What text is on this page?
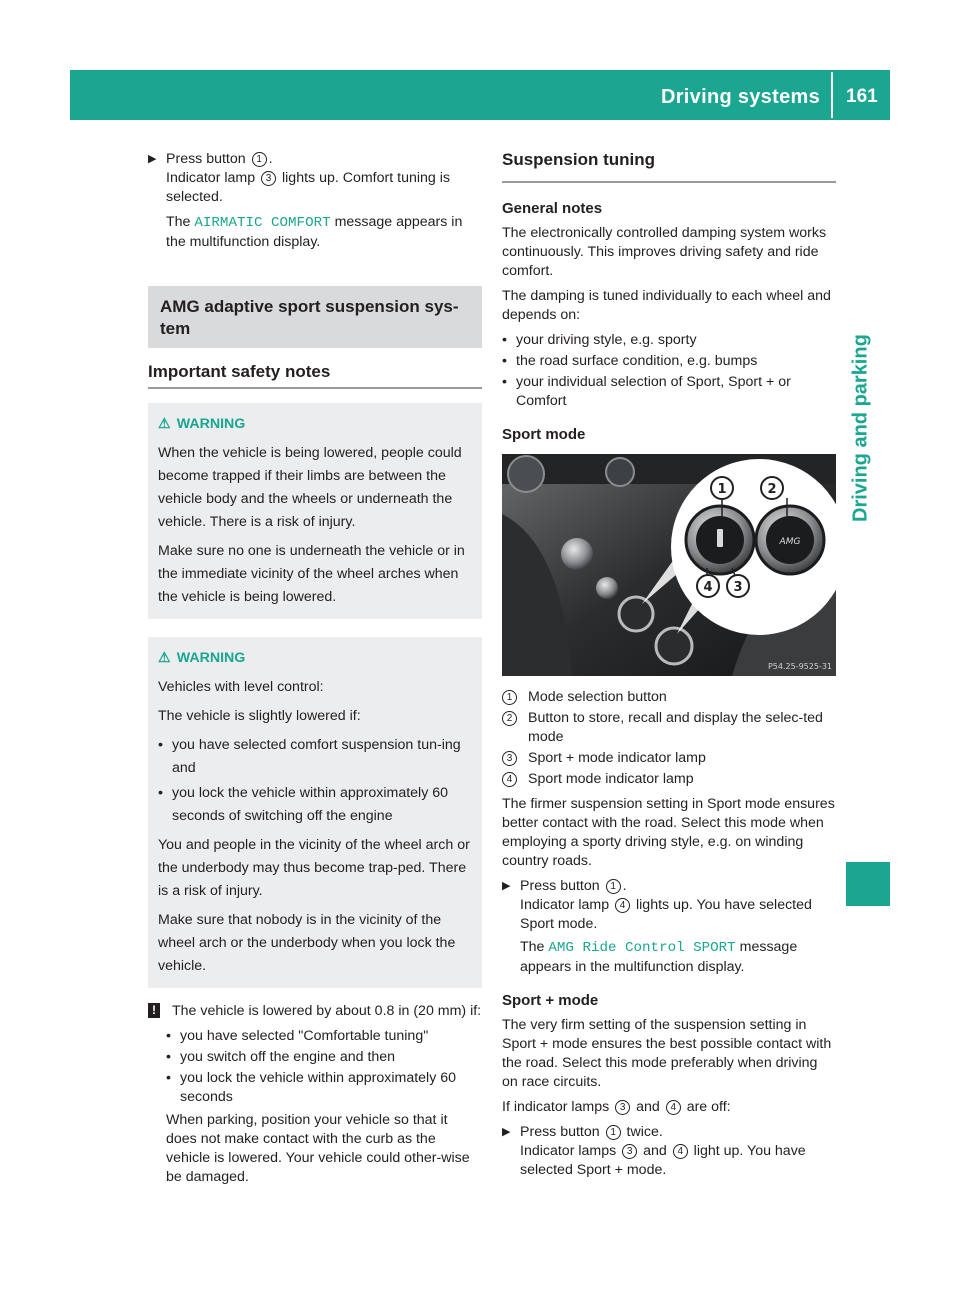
Driving systems 161
Driving and parking
▶ Press button 1 .
Indicator lamp 3 lights up. Comfort tuning is selected.
The AIRMATIC COMFORT message appears in the multifunction display.
AMG adaptive sport suspension sys-tem
Important safety notes
⚠ WARNING

When the vehicle is being lowered, people could become trapped if their limbs are between the vehicle body and the wheels or underneath the vehicle. There is a risk of injury.

Make sure no one is underneath the vehicle or in the immediate vicinity of the wheel arches when the vehicle is being lowered.

⚠ WARNING

Vehicles with level control:

The vehicle is slightly lowered if:

• you have selected comfort suspension tun-ing and
• you lock the vehicle within approximately 60 seconds of switching off the engine

You and people in the vicinity of the wheel arch or the underbody may thus become trap-ped. There is a risk of injury.

Make sure that nobody is in the vicinity of the wheel arch or the underbody when you lock the vehicle.

! The vehicle is lowered by about 0.8 in (20 mm) if:

• you have selected "Comfortable tuning"
• you switch off the engine and then
• you lock the vehicle within approximately 60 seconds

When parking, position your vehicle so that it does not make contact with the curb as the vehicle is lowered. Your vehicle could other-wise be damaged.

Suspension tuning
General notes

The electronically controlled damping system works continuously. This improves driving safety and ride comfort.

The damping is tuned individually to each wheel and depends on:

• your driving style, e.g. sporty
• the road surface condition, e.g. bumps
• your individual selection of Sport, Sport + or Comfort
Sport mode
AMG
1	2
3
4
P54.25-9525-31
1	Mode selection button
2	Button to store, recall and display the selec-ted mode
3	Sport + mode indicator lamp
4	Sport mode indicator lamp

The firmer suspension setting in Sport mode ensures better contact with the road. Select this mode when employing a sporty driving style, e.g. on winding country roads.

▶ Press button 1 .
Indicator lamp 4 lights up. You have selected Sport mode.
The AMG Ride Control SPORT message appears in the multifunction display.
Sport + mode

The very firm setting of the suspension setting in Sport + mode ensures the best possible contact with the road. Select this mode preferably when driving on race circuits.

If indicator lamps 3 and 4 are off:

▶ Press button 1 twice.
Indicator lamps 3 and 4 light up. You have selected Sport + mode.
